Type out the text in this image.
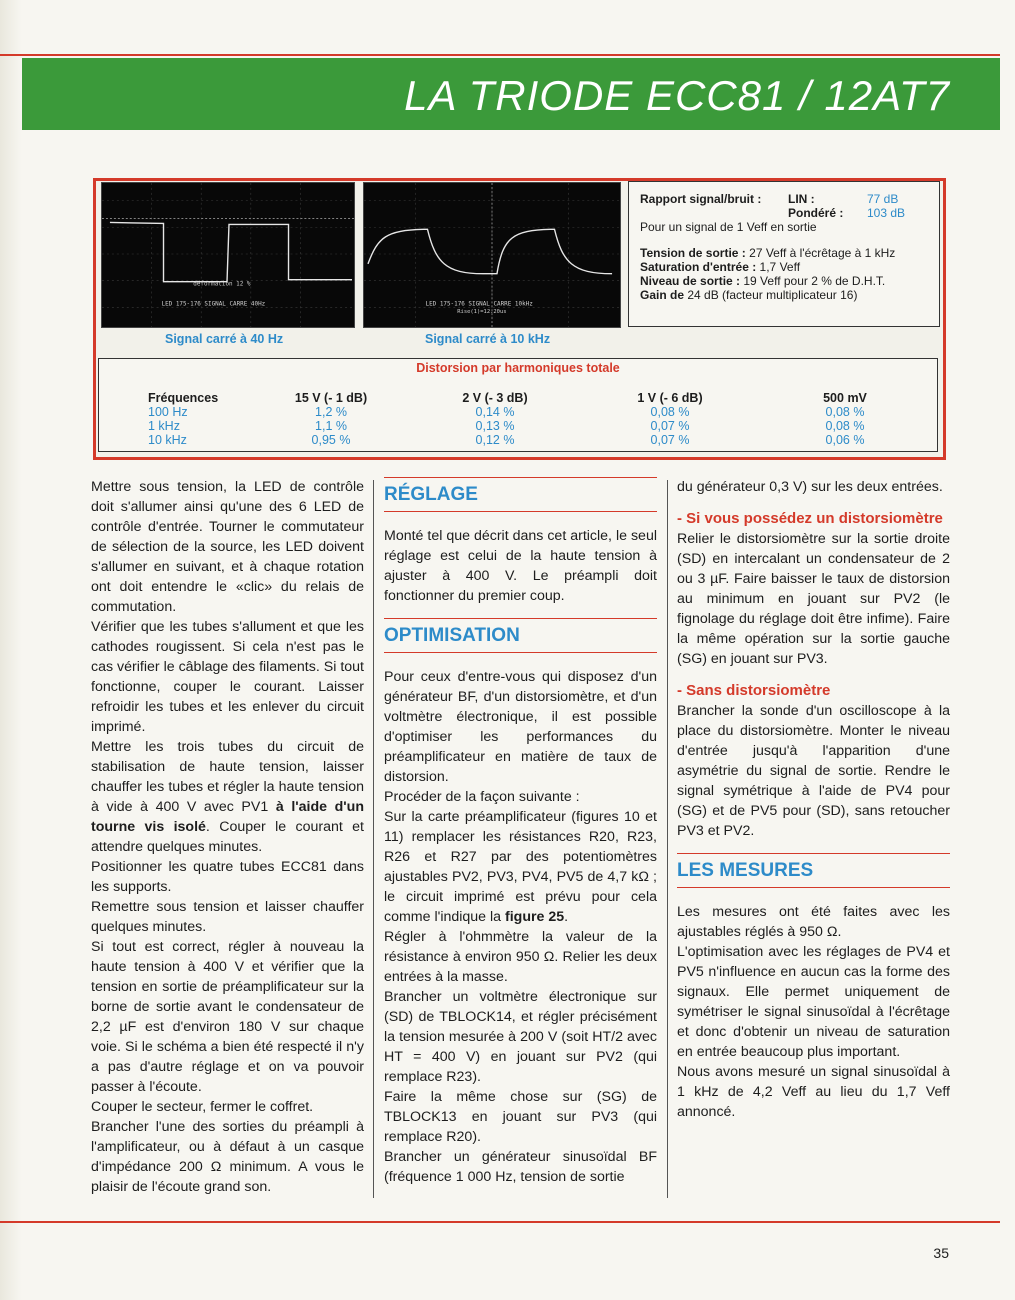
LA TRIODE ECC81 / 12AT7
déformation 12 %
LED 175-176 SIGNAL CARRE 40Hz
Signal carré à 40 Hz
LED 175-176 SIGNAL CARRE 10kHz
Rise(1)=12.20us
Signal carré à 10 kHz
Rapport signal/bruit : LIN :	77 dB
Pondéré : 103 dB
Pour un signal de 1 Veff en sortie
Tension de sortie : 27 Veff à l'écrêtage à 1 kHz
Saturation d'entrée : 1,7 Veff
Niveau de sortie : 19 Veff pour 2 % de D.H.T.
Gain de 24 dB (facteur multiplicateur 16)
Distorsion par harmoniques totale
Fréquences
100 Hz
1 kHz
10 kHz
15 V (- 1 dB)
1,2 %
1,1 %
0,95 %
2 V (- 3 dB)
0,14 %
0,13 %
0,12 %
1 V (- 6 dB)
0,08 %
0,07 %
0,07 %
500 mV
0,08 %
0,08 %
0,06 %

Mettre sous tension, la LED de contrôle doit s'allumer ainsi qu'une des 6 LED de contrôle d'entrée. Tourner le commutateur de sélection de la source, les LED doivent s'allumer en suivant, et à chaque rotation ont doit entendre le «clic» du relais de commutation.

Vérifier que les tubes s'allument et que les cathodes rougissent. Si cela n'est pas le cas vérifier le câblage des filaments. Si tout fonctionne, couper le courant. Laisser refroidir les tubes et les enlever du circuit imprimé.

Mettre les trois tubes du circuit de stabilisation de haute tension, laisser chauffer les tubes et régler la haute tension à vide à 400 V avec PV1 à l'aide d'un tourne vis isolé. Couper le courant et attendre quelques minutes.

Positionner les quatre tubes ECC81 dans les supports.

Remettre sous tension et laisser chauffer quelques minutes.

Si tout est correct, régler à nouveau la haute tension à 400 V et vérifier que la tension en sortie de préamplificateur sur la borne de sortie avant le condensateur de 2,2 µF est d'environ 180 V sur chaque voie. Si le schéma a bien été respecté il n'y a pas d'autre réglage et on va pouvoir passer à l'écoute.

Couper le secteur, fermer le coffret.

Brancher l'une des sorties du préampli à l'amplificateur, ou à défaut à un casque d'impédance 200 Ω minimum. A vous le plaisir de l'écoute grand son.

RÉGLAGE

Monté tel que décrit dans cet article, le seul réglage est celui de la haute tension à ajuster à 400 V. Le préampli doit fonctionner du premier coup.

OPTIMISATION

Pour ceux d'entre-vous qui disposez d'un générateur BF, d'un distorsiomètre, et d'un voltmètre électronique, il est possible d'optimiser les performances du préamplificateur en matière de taux de distorsion.

Procéder de la façon suivante :

Sur la carte préamplificateur (figures 10 et 11) remplacer les résistances R20, R23, R26 et R27 par des potentiomètres ajustables PV2, PV3, PV4, PV5 de 4,7 kΩ ; le circuit imprimé est prévu pour cela comme l'indique la figure 25.

Régler à l'ohmmètre la valeur de la résistance à environ 950 Ω. Relier les deux entrées à la masse.

Brancher un voltmètre électronique sur (SD) de TBLOCK14, et régler précisément la tension mesurée à 200 V (soit HT/2 avec HT = 400 V) en jouant sur PV2 (qui remplace R23).

Faire la même chose sur (SG) de TBLOCK13 en jouant sur PV3 (qui remplace R20).

Brancher un générateur sinusoïdal BF (fréquence 1 000 Hz, tension de sortie

du générateur 0,3 V) sur les deux entrées.

- Si vous possédez un distorsiomètre

Relier le distorsiomètre sur la sortie droite (SD) en intercalant un condensateur de 2 ou 3 µF. Faire baisser le taux de distorsion au minimum en jouant sur PV2 (le fignolage du réglage doit être infime). Faire la même opération sur la sortie gauche (SG) en jouant sur PV3.

- Sans distorsiomètre

Brancher la sonde d'un oscilloscope à la place du distorsiomètre. Monter le niveau d'entrée jusqu'à l'apparition d'une asymétrie du signal de sortie. Rendre le signal symétrique à l'aide de PV4 pour (SG) et de PV5 pour (SD), sans retoucher PV3 et PV2.

LES MESURES

Les mesures ont été faites avec les ajustables réglés à 950 Ω.

L'optimisation avec les réglages de PV4 et PV5 n'influence en aucun cas la forme des signaux. Elle permet uniquement de symétriser le signal sinusoïdal à l'écrêtage et donc d'obtenir un niveau de saturation en entrée beaucoup plus important.

Nous avons mesuré un signal sinusoïdal à 1 kHz de 4,2 Veff au lieu du 1,7 Veff annoncé.

35
